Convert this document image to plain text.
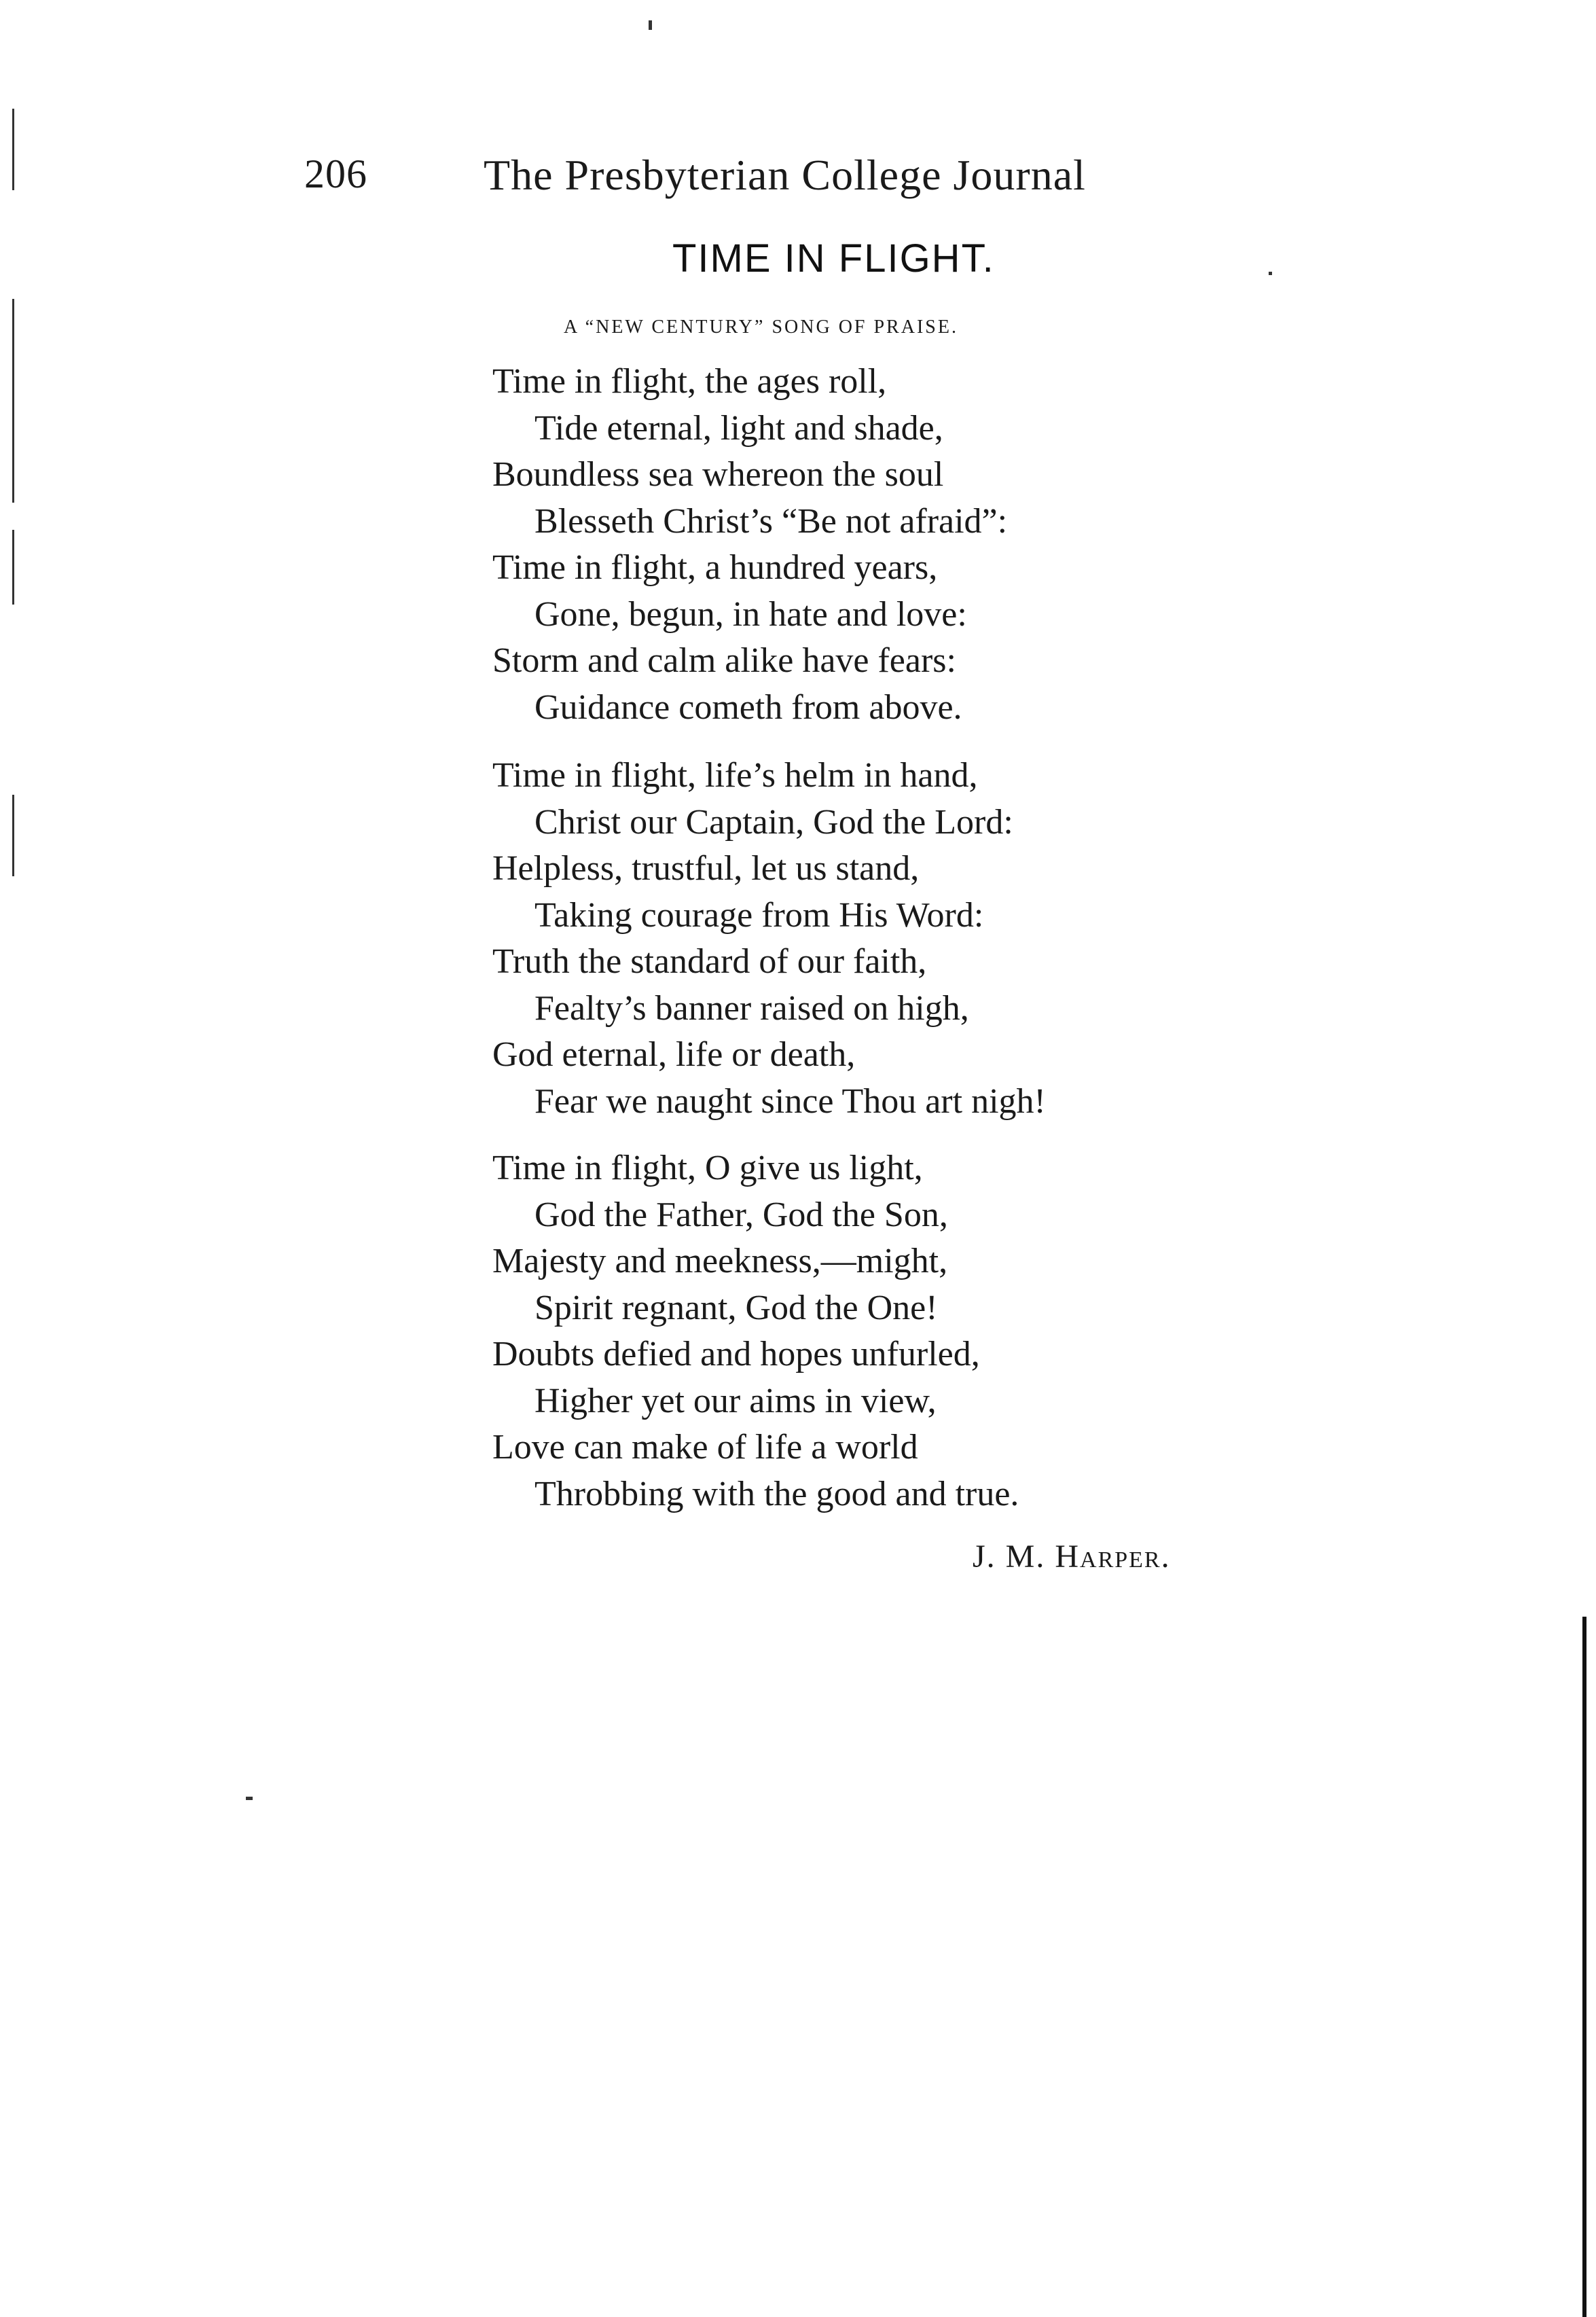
206	The Presbyterian College Journal
TIME IN FLIGHT.
A “NEW CENTURY” SONG OF PRAISE.
Time in flight, the ages roll,
Tide eternal, light and shade,
Boundless sea whereon the soul
Blesseth Christ’s “Be not afraid”:
Time in flight, a hundred years,
Gone, begun, in hate and love:
Storm and calm alike have fears:
Guidance cometh from above.
Time in flight, life’s helm in hand,
Christ our Captain, God the Lord:
Helpless, trustful, let us stand,
Taking courage from His Word:
Truth the standard of our faith,
Fealty’s banner raised on high,
God eternal, life or death,
Fear we naught since Thou art nigh!
Time in flight, O give us light,
God the Father, God the Son,
Majesty and meekness,—might,
Spirit regnant, God the One!
Doubts defied and hopes unfurled,
Higher yet our aims in view,
Love can make of life a world
Throbbing with the good and true.
J. M. Harper.
